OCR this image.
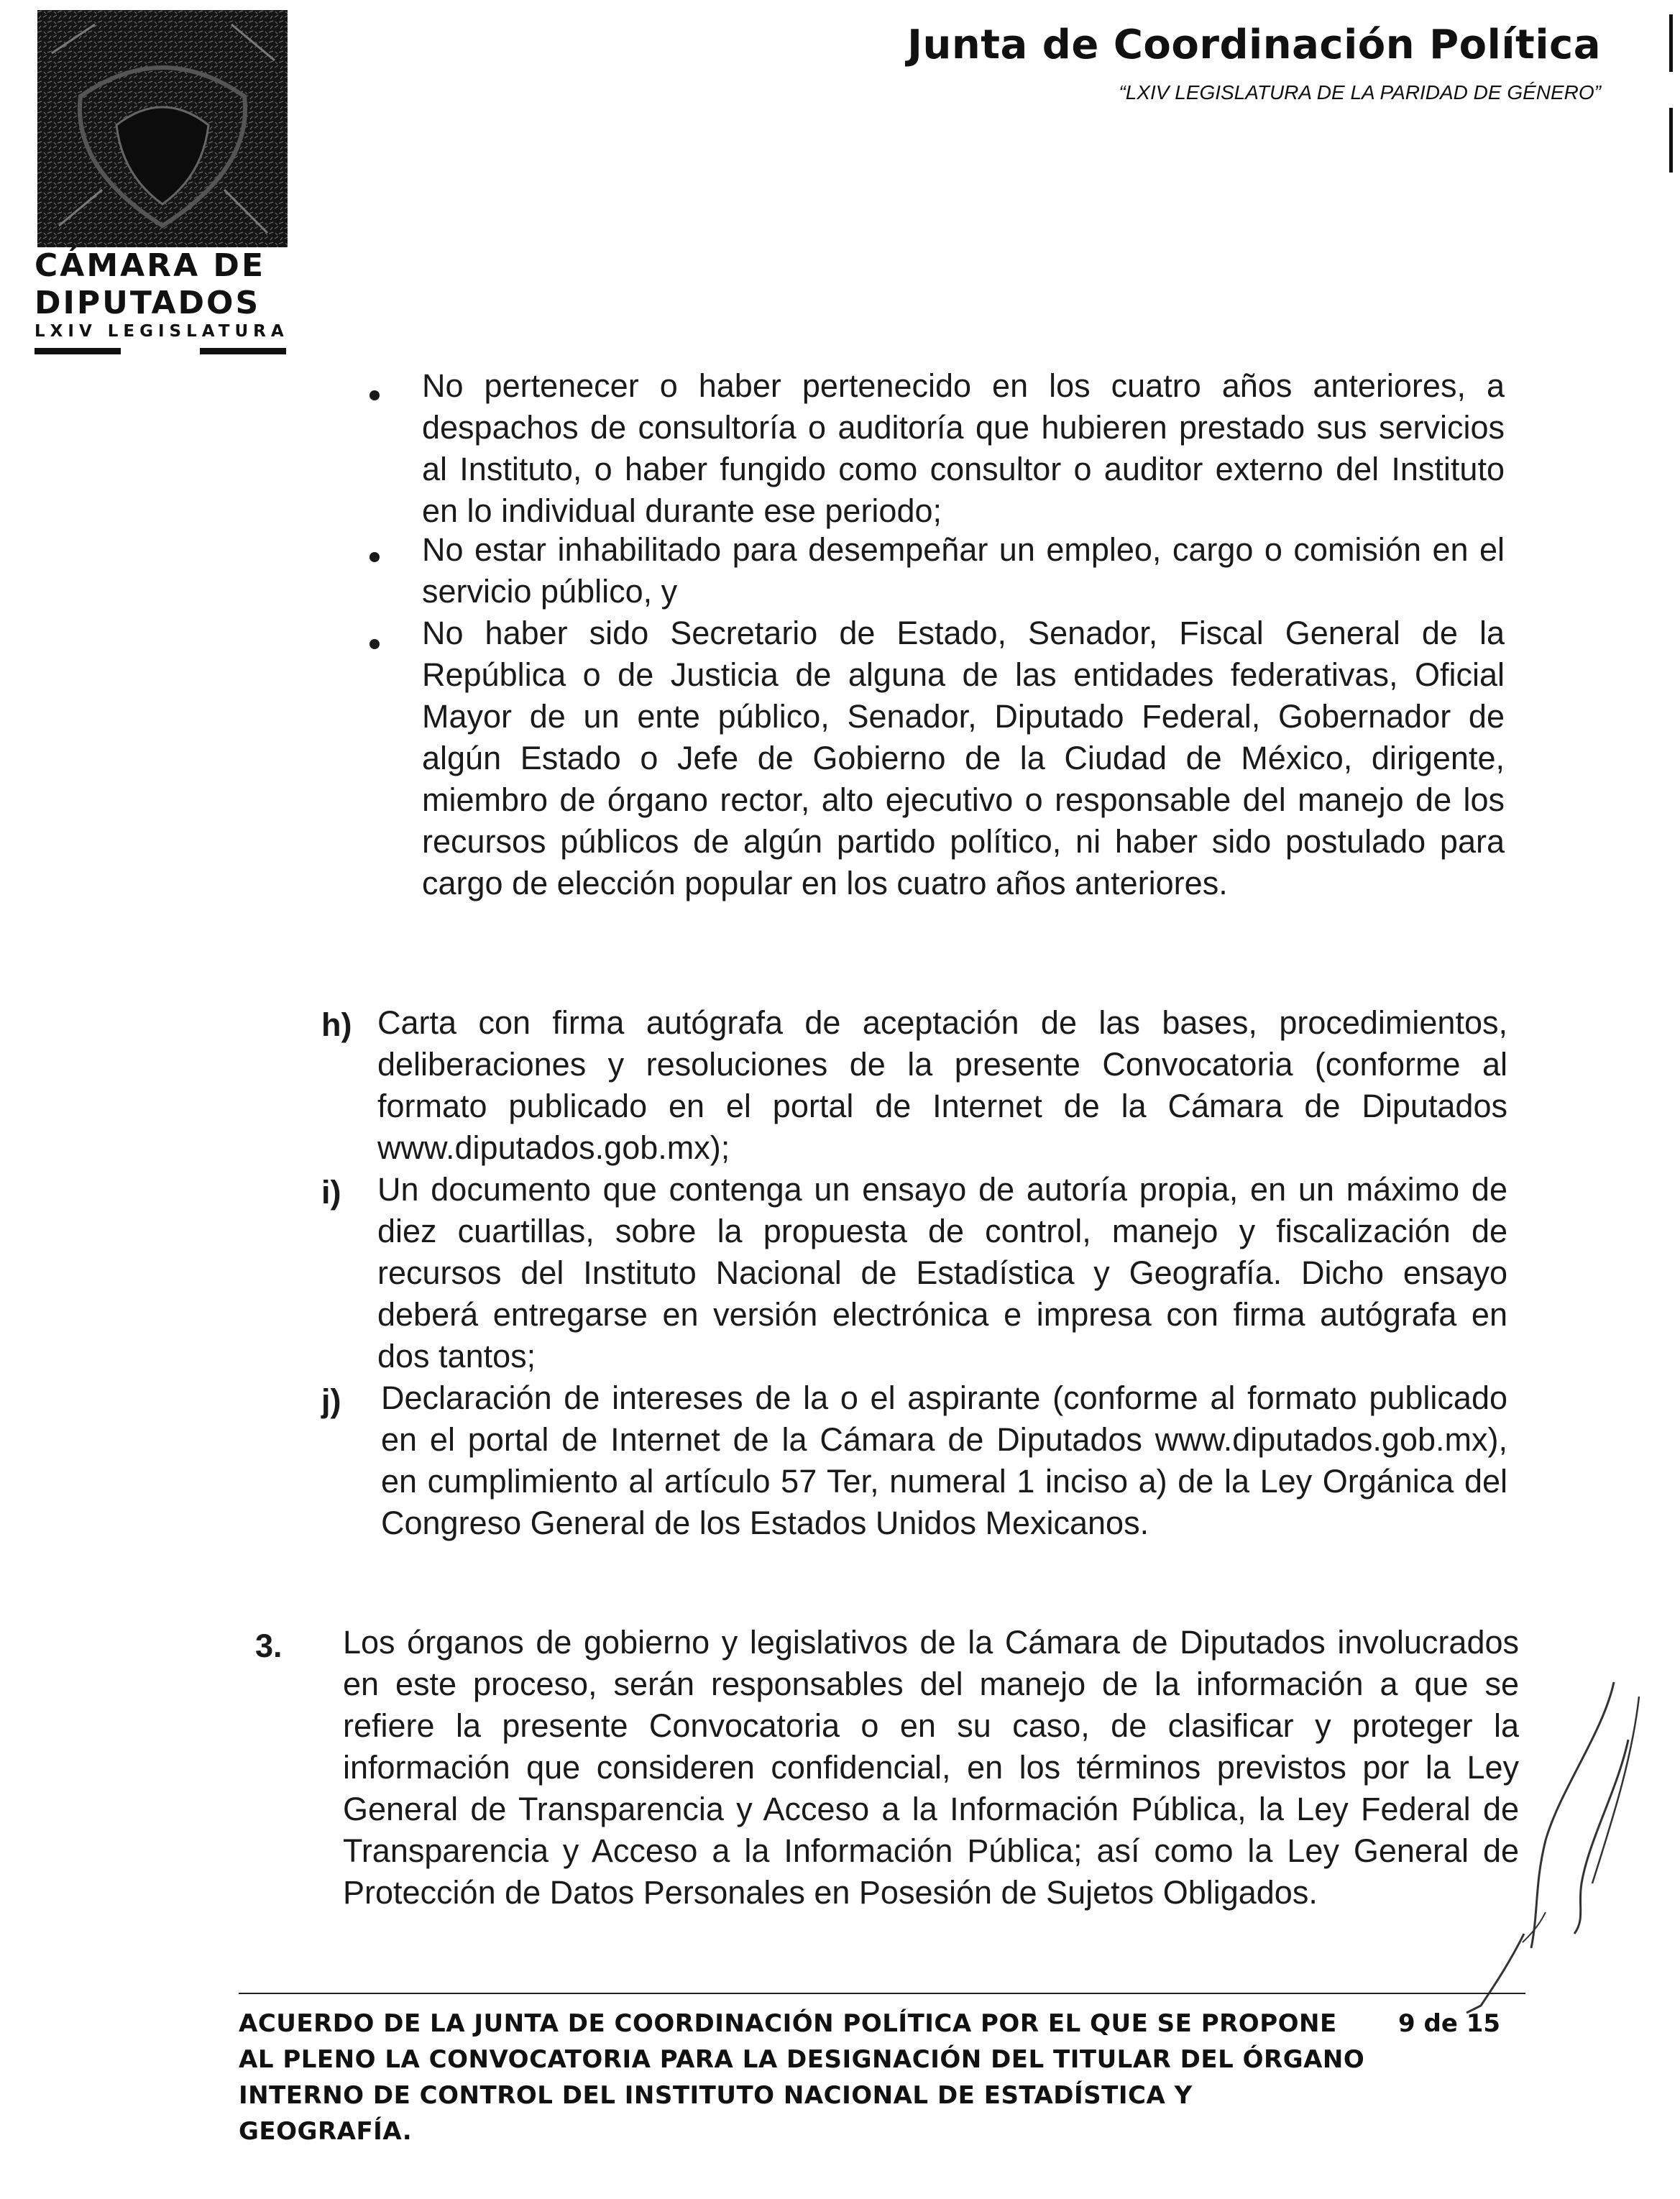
CÁMARA DE
DIPUTADOS
LXIV LEGISLATURA
Junta de Coordinación Política
“LXIV LEGISLATURA DE LA PARIDAD DE GÉNERO”
No pertenecer o haber pertenecido en los cuatro años anteriores, a despachos de consultoría o auditoría que hubieren prestado sus servicios al Instituto, o haber fungido como consultor o auditor externo del Instituto en lo individual durante ese periodo;
No estar inhabilitado para desempeñar un empleo, cargo o comisión en el servicio público, y
No haber sido Secretario de Estado, Senador, Fiscal General de la República o de Justicia de alguna de las entidades federativas, Oficial Mayor de un ente público, Senador, Diputado Federal, Gobernador de algún Estado o Jefe de Gobierno de la Ciudad de México, dirigente, miembro de órgano rector, alto ejecutivo o responsable del manejo de los recursos públicos de algún partido político, ni haber sido postulado para cargo de elección popular en los cuatro años anteriores.
h) Carta con firma autógrafa de aceptación de las bases, procedimientos, deliberaciones y resoluciones de la presente Convocatoria (conforme al formato publicado en el portal de Internet de la Cámara de Diputados www.diputados.gob.mx);
i) Un documento que contenga un ensayo de autoría propia, en un máximo de diez cuartillas, sobre la propuesta de control, manejo y fiscalización de recursos del Instituto Nacional de Estadística y Geografía. Dicho ensayo deberá entregarse en versión electrónica e impresa con firma autógrafa en dos tantos;
j) Declaración de intereses de la o el aspirante (conforme al formato publicado en el portal de Internet de la Cámara de Diputados www.diputados.gob.mx), en cumplimiento al artículo 57 Ter, numeral 1 inciso a) de la Ley Orgánica del Congreso General de los Estados Unidos Mexicanos.
3. Los órganos de gobierno y legislativos de la Cámara de Diputados involucrados en este proceso, serán responsables del manejo de la información a que se refiere la presente Convocatoria o en su caso, de clasificar y proteger la información que consideren confidencial, en los términos previstos por la Ley General de Transparencia y Acceso a la Información Pública, la Ley Federal de Transparencia y Acceso a la Información Pública; así como la Ley General de Protección de Datos Personales en Posesión de Sujetos Obligados.
ACUERDO DE LA JUNTA DE COORDINACIÓN POLÍTICA POR EL QUE SE PROPONE AL PLENO LA CONVOCATORIA PARA LA DESIGNACIÓN DEL TITULAR DEL ÓRGANO INTERNO DE CONTROL DEL INSTITUTO NACIONAL DE ESTADÍSTICA Y GEOGRAFÍA.
9 de 15
